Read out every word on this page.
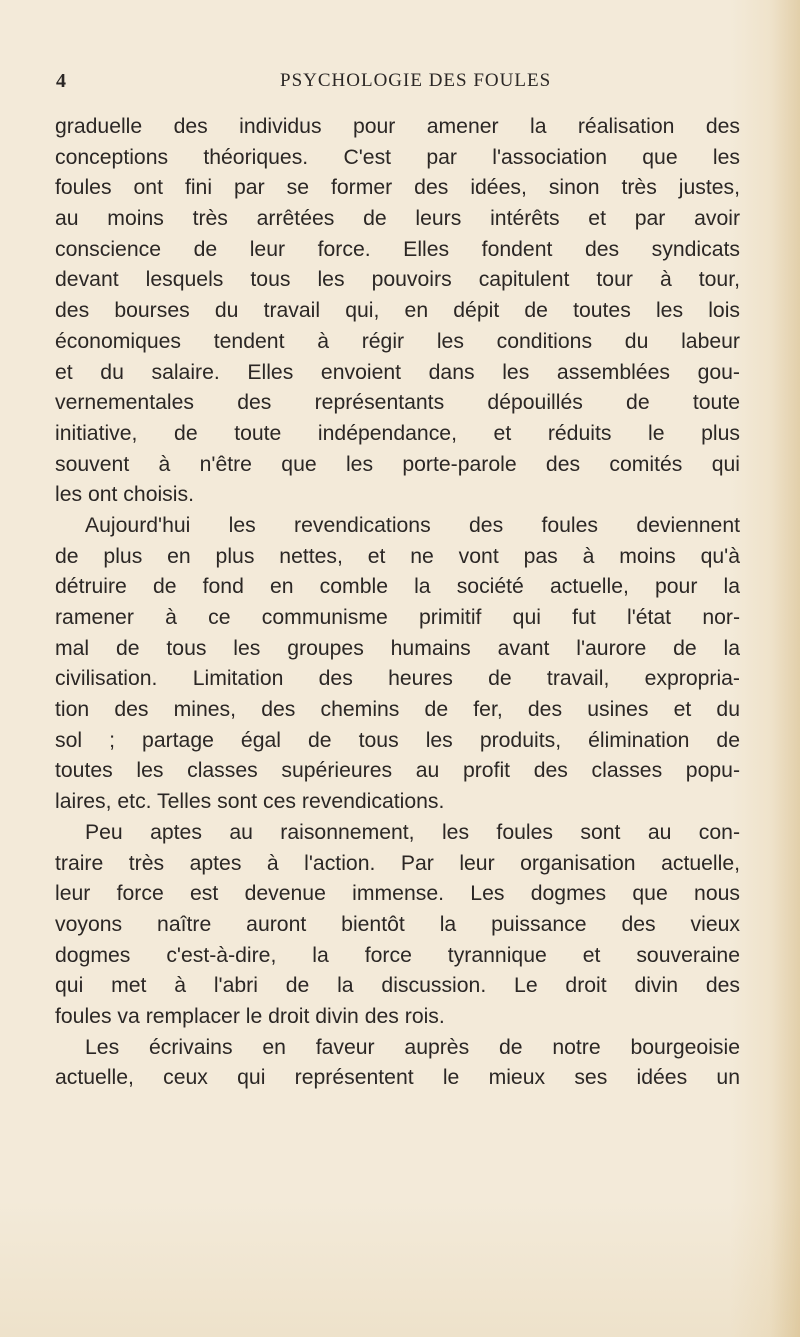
4	PSYCHOLOGIE DES FOULES
graduelle des individus pour amener la réalisation des
conceptions théoriques. C'est par l'association que les
foules ont fini par se former des idées, sinon très justes,
au moins très arrêtées de leurs intérêts et par avoir
conscience de leur force. Elles fondent des syndicats
devant lesquels tous les pouvoirs capitulent tour à tour,
des bourses du travail qui, en dépit de toutes les lois
économiques tendent à régir les conditions du labeur
et du salaire. Elles envoient dans les assemblées gou-
vernementales des représentants dépouillés de toute
initiative, de toute indépendance, et réduits le plus
souvent à n'être que les porte-parole des comités qui
les ont choisis.
Aujourd'hui les revendications des foules deviennent
de plus en plus nettes, et ne vont pas à moins qu'à
détruire de fond en comble la société actuelle, pour la
ramener à ce communisme primitif qui fut l'état nor-
mal de tous les groupes humains avant l'aurore de la
civilisation. Limitation des heures de travail, expropria-
tion des mines, des chemins de fer, des usines et du
sol ; partage égal de tous les produits, élimination de
toutes les classes supérieures au profit des classes popu-
laires, etc. Telles sont ces revendications.
Peu aptes au raisonnement, les foules sont au con-
traire très aptes à l'action. Par leur organisation actuelle,
leur force est devenue immense. Les dogmes que nous
voyons naître auront bientôt la puissance des vieux
dogmes c'est-à-dire, la force tyrannique et souveraine
qui met à l'abri de la discussion. Le droit divin des
foules va remplacer le droit divin des rois.
Les écrivains en faveur auprès de notre bourgeoisie
actuelle, ceux qui représentent le mieux ses idées un
